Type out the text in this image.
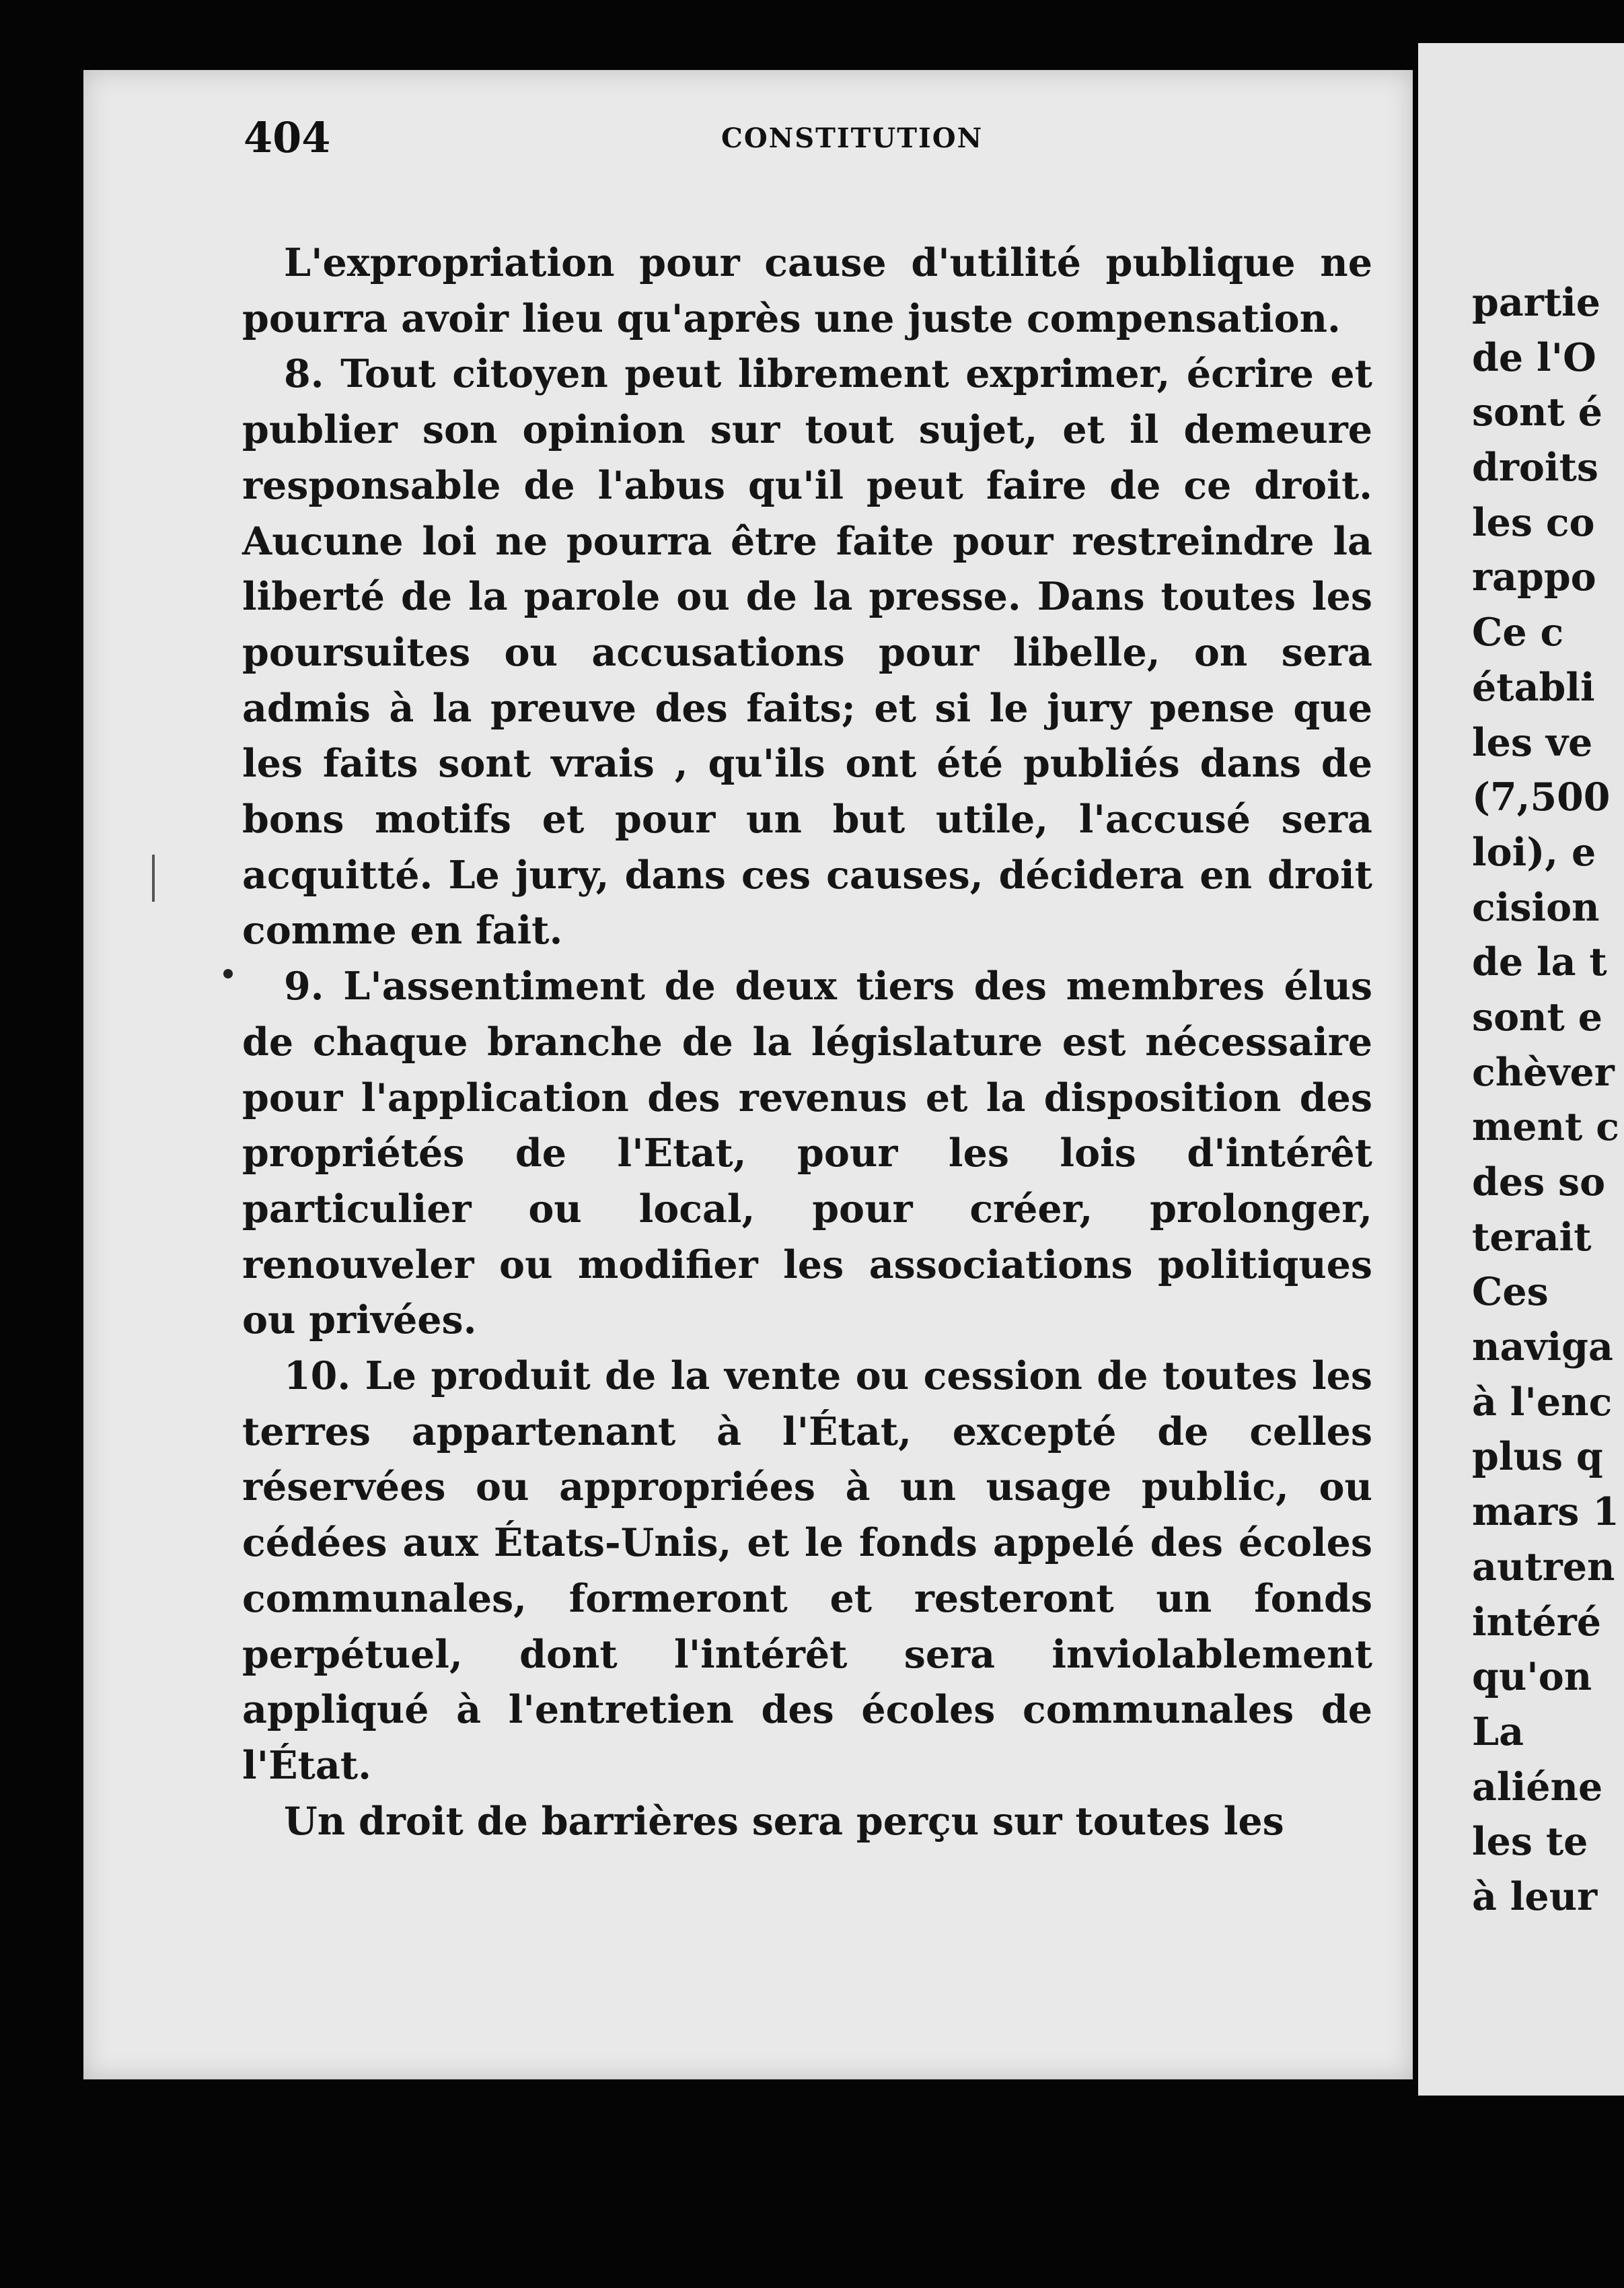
404	CONSTITUTION

L'expropriation pour cause d'utilité publique ne pourra avoir lieu qu'après une juste compensation.

8. Tout citoyen peut librement exprimer, écrire et publier son opinion sur tout sujet, et il demeure responsable de l'abus qu'il peut faire de ce droit. Aucune loi ne pourra être faite pour restreindre la liberté de la parole ou de la presse. Dans toutes les poursuites ou accusations pour libelle, on sera admis à la preuve des faits; et si le jury pense que les faits sont vrais , qu'ils ont été publiés dans de bons motifs et pour un but utile, l'accusé sera acquitté. Le jury, dans ces causes, décidera en droit comme en fait.

9. L'assentiment de deux tiers des membres élus de chaque branche de la législature est nécessaire pour l'application des revenus et la disposition des propriétés de l'Etat, pour les lois d'intérêt particulier ou local, pour créer, prolonger, renouveler ou modifier les associations politiques ou privées.

10. Le produit de la vente ou cession de toutes les terres appartenant à l'État, excepté de celles réservées ou appropriées à un usage public, ou cédées aux États-Unis, et le fonds appelé des écoles communales, formeront et resteront un fonds perpétuel, dont l'intérêt sera inviolablement appliqué à l'entretien des écoles communales de l'État.

Un droit de barrières sera perçu sur toutes les

partie
de l'O
sont é
droits
les co
rappo
Ce c
établi
les ve
(7,500
loi), e
cision
de la t
sont e
chèver
ment c
des so
terait
Ces
naviga
à l'enc
plus q
mars 1
autren
intéré
qu'on
La
aliéne
les te
à leur
